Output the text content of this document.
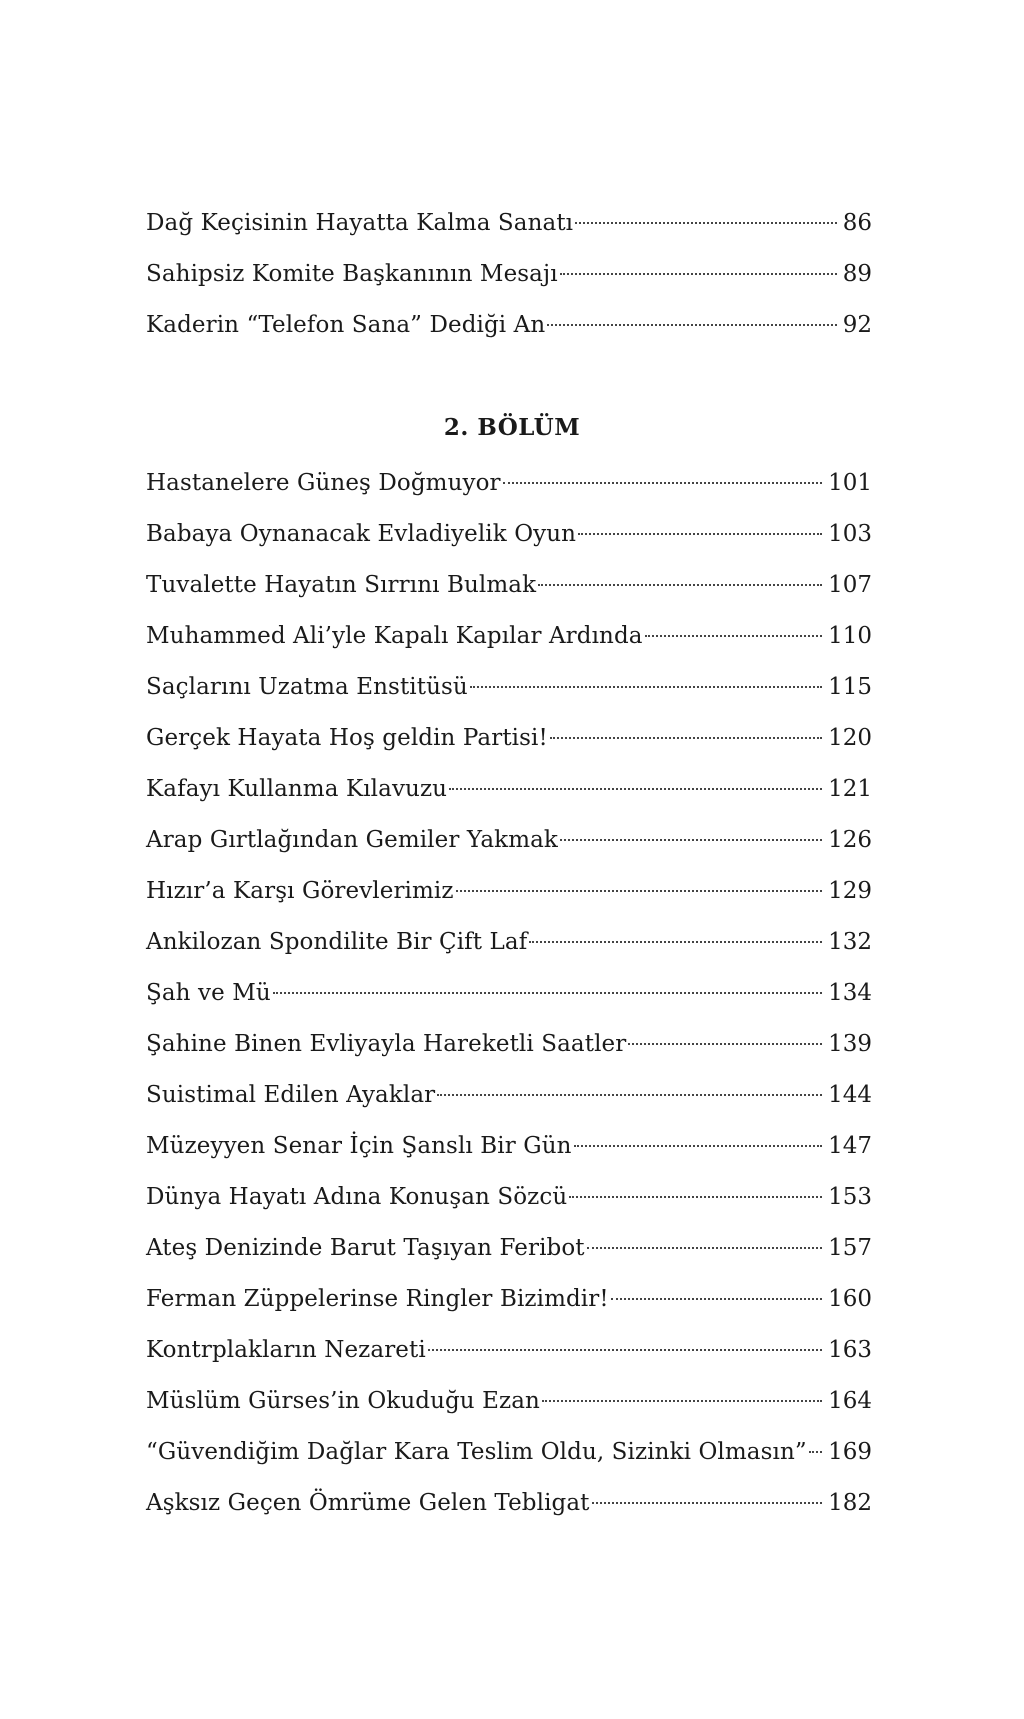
Dağ Keçisinin Hayatta Kalma Sanatı	86
Sahipsiz Komite Başkanının Mesajı	89
Kaderin “Telefon Sana” Dediği An	92
2. BÖLÜM
Hastanelere Güneş Doğmuyor	101
Babaya Oynanacak Evladiyelik Oyun	103
Tuvalette Hayatın Sırrını Bulmak	107
Muhammed Ali’yle Kapalı Kapılar Ardında	110
Saçlarını Uzatma Enstitüsü	115
Gerçek Hayata Hoş geldin Partisi!	120
Kafayı Kullanma Kılavuzu	121
Arap Gırtlağından Gemiler Yakmak	126
Hızır’a Karşı Görevlerimiz	129
Ankilozan Spondilite Bir Çift Laf	132
Şah ve Mü	134
Şahine Binen Evliyayla Hareketli Saatler	139
Suistimal Edilen Ayaklar	144
Müzeyyen Senar İçin Şanslı Bir Gün	147
Dünya Hayatı Adına Konuşan Sözcü	153
Ateş Denizinde Barut Taşıyan Feribot	157
Ferman Züppelerinse Ringler Bizimdir!	160
Kontrplakların Nezareti	163
Müslüm Gürses’in Okuduğu Ezan	164
“Güvendiğim Dağlar Kara Teslim Oldu, Sizinki Olmasın” 169
Aşksız Geçen Ömrüme Gelen Tebligat	182
